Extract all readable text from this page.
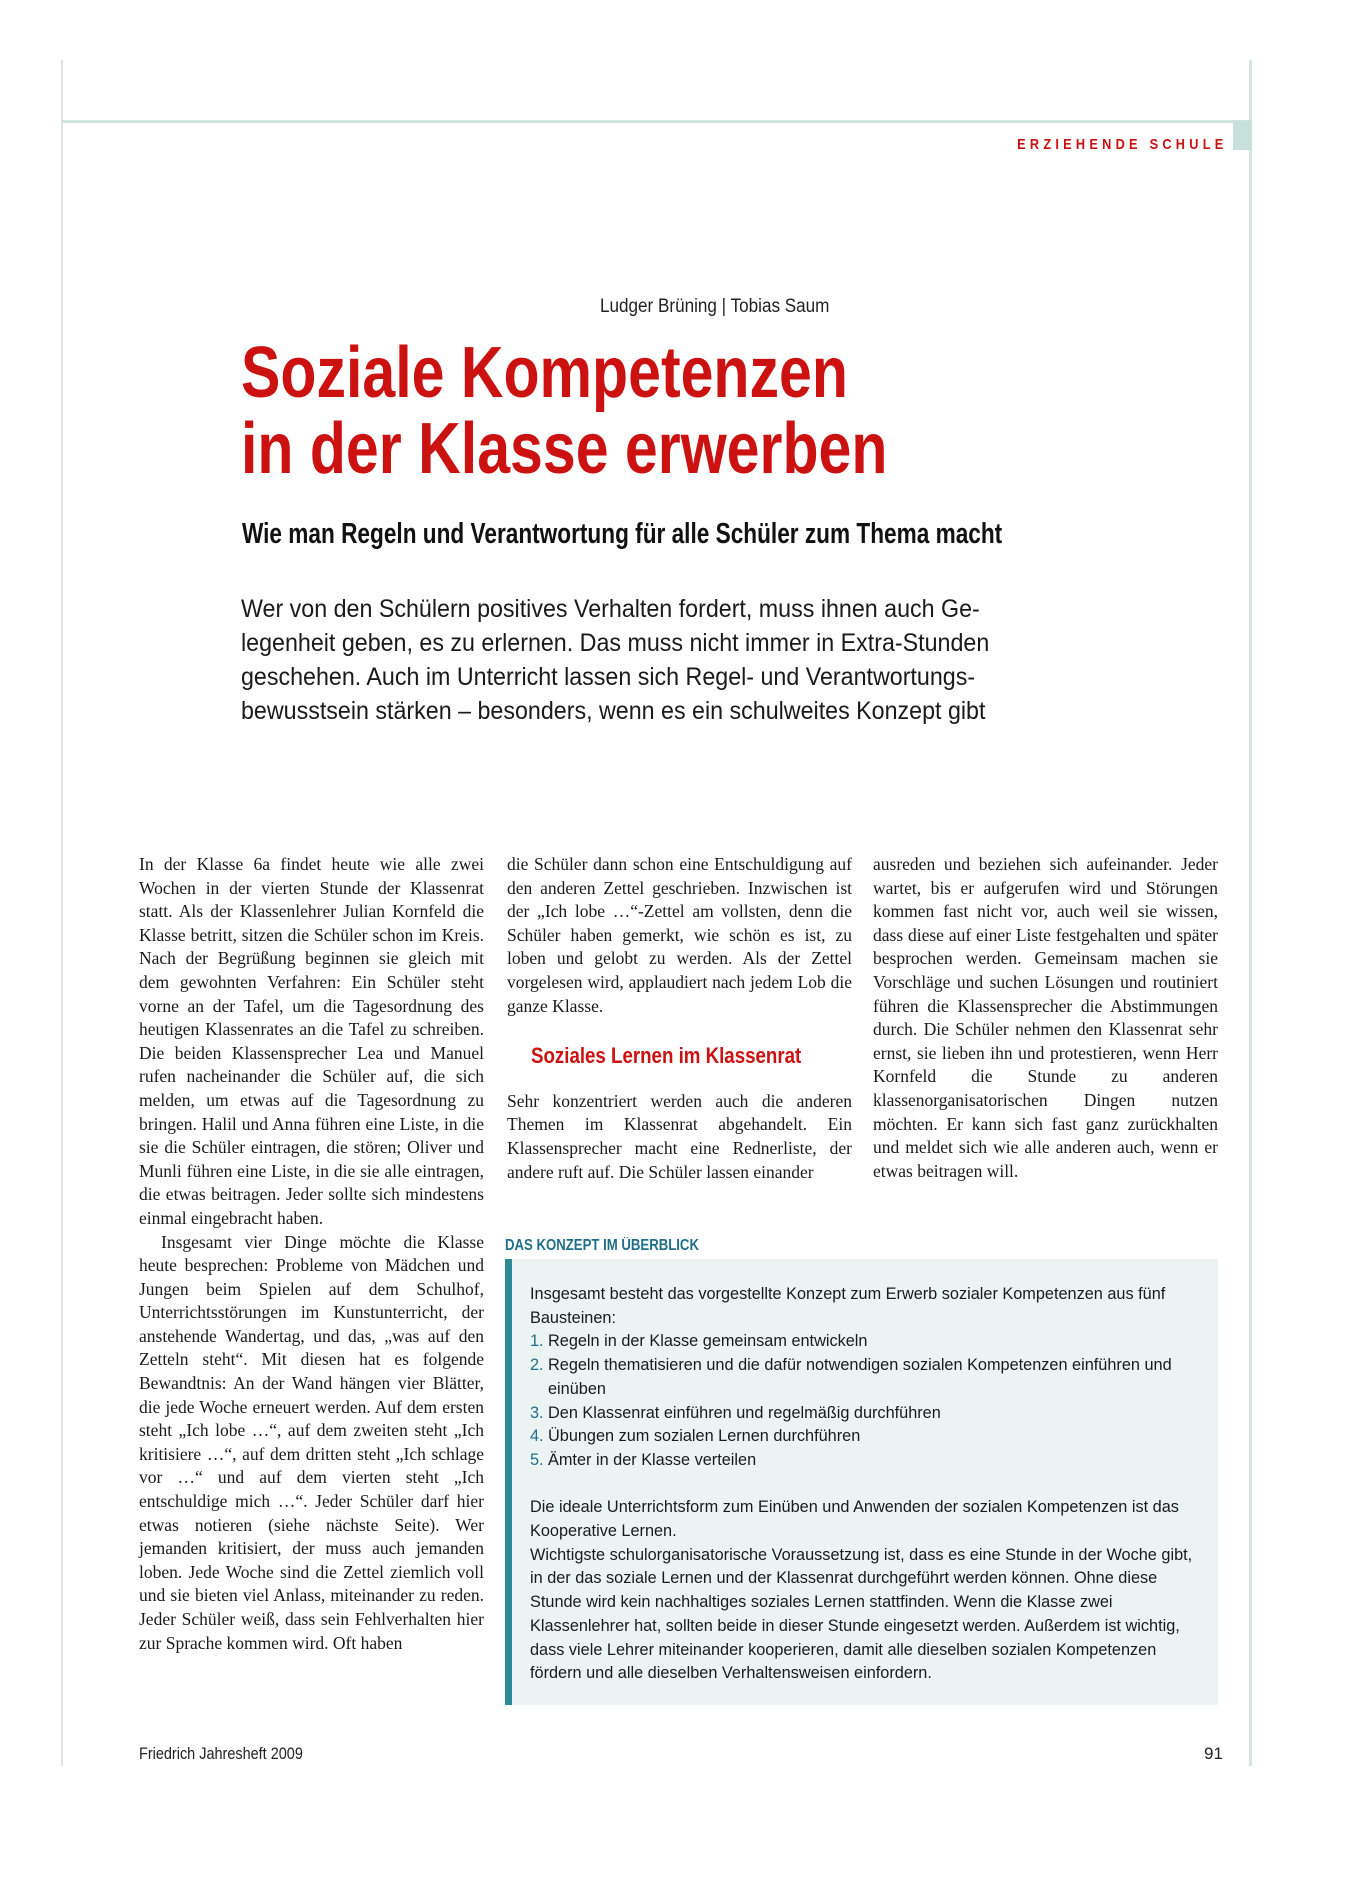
ERZIEHENDE SCHULE
Ludger Brüning | Tobias Saum
Soziale Kompetenzen
in der Klasse erwerben
Wie man Regeln und Verantwortung für alle Schüler zum Thema macht
Wer von den Schülern positives Verhalten fordert, muss ihnen auch Ge-
legenheit geben, es zu erlernen. Das muss nicht immer in Extra-Stunden
geschehen. Auch im Unterricht lassen sich Regel- und Verantwortungs-
bewusstsein stärken – besonders, wenn es ein schulweites Konzept gibt

In der Klasse 6a findet heute wie alle zwei Wochen in der vierten Stunde der Klassenrat statt. Als der Klassenlehrer Julian Kornfeld die Klasse betritt, sitzen die Schüler schon im Kreis. Nach der Begrüßung beginnen sie gleich mit dem gewohnten Verfahren: Ein Schüler steht vorne an der Tafel, um die Tagesordnung des heutigen Klassenrates an die Tafel zu schreiben. Die beiden Klassensprecher Lea und Manuel rufen nacheinander die Schüler auf, die sich melden, um etwas auf die Tagesordnung zu bringen. Halil und Anna führen eine Liste, in die sie die Schüler eintragen, die stören; Oliver und Munli führen eine Liste, in die sie alle eintragen, die etwas beitragen. Jeder sollte sich mindestens einmal eingebracht haben.

Insgesamt vier Dinge möchte die Klasse heute besprechen: Probleme von Mädchen und Jungen beim Spielen auf dem Schulhof, Unterrichtsstörungen im Kunstunterricht, der anstehende Wandertag, und das, „was auf den Zetteln steht“. Mit diesen hat es folgende Bewandtnis: An der Wand hängen vier Blätter, die jede Woche erneuert werden. Auf dem ersten steht „Ich lobe …“, auf dem zweiten steht „Ich kritisiere …“, auf dem dritten steht „Ich schlage vor …“ und auf dem vierten steht „Ich entschuldige mich …“. Jeder Schüler darf hier etwas notieren (siehe nächste Seite). Wer jemanden kritisiert, der muss auch jemanden loben. Jede Woche sind die Zettel ziemlich voll und sie bieten viel Anlass, miteinander zu reden. Jeder Schüler weiß, dass sein Fehlverhalten hier zur Sprache kommen wird. Oft haben

die Schüler dann schon eine Entschuldigung auf den anderen Zettel geschrieben. Inzwischen ist der „Ich lobe …“-Zettel am vollsten, denn die Schüler haben gemerkt, wie schön es ist, zu loben und gelobt zu werden. Als der Zettel vorgelesen wird, applaudiert nach jedem Lob die ganze Klasse.

Soziales Lernen im Klassenrat

Sehr konzentriert werden auch die anderen Themen im Klassenrat abgehandelt. Ein Klassensprecher macht eine Rednerliste, der andere ruft auf. Die Schüler lassen einander

ausreden und beziehen sich aufeinander. Jeder wartet, bis er aufgerufen wird und Störungen kommen fast nicht vor, auch weil sie wissen, dass diese auf einer Liste festgehalten und später besprochen werden. Gemeinsam machen sie Vorschläge und suchen Lösungen und routiniert führen die Klassensprecher die Abstimmungen durch. Die Schüler nehmen den Klassenrat sehr ernst, sie lieben ihn und protestieren, wenn Herr Kornfeld die Stunde zu anderen klassenorganisatorischen Dingen nutzen möchten. Er kann sich fast ganz zurückhalten und meldet sich wie alle anderen auch, wenn er etwas beitragen will.

DAS KONZEPT IM ÜBERBLICK

Insgesamt besteht das vorgestellte Konzept zum Erwerb sozialer Kompetenzen aus fünf Bausteinen:

1. Regeln in der Klasse gemeinsam entwickeln
2. Regeln thematisieren und die dafür notwendigen sozialen Kompetenzen einführen und einüben
3. Den Klassenrat einführen und regelmäßig durchführen
4. Übungen zum sozialen Lernen durchführen
5. Ämter in der Klasse verteilen

Die ideale Unterrichtsform zum Einüben und Anwenden der sozialen Kompetenzen ist das Kooperative Lernen.

Wichtigste schulorganisatorische Voraussetzung ist, dass es eine Stunde in der Woche gibt, in der das soziale Lernen und der Klassenrat durchgeführt werden können. Ohne diese Stunde wird kein nachhaltiges soziales Lernen stattfinden. Wenn die Klasse zwei Klassenlehrer hat, sollten beide in dieser Stunde eingesetzt werden. Außerdem ist wichtig, dass viele Lehrer miteinander kooperieren, damit alle dieselben sozialen Kompetenzen fördern und alle dieselben Verhaltensweisen einfordern.

Friedrich Jahresheft 2009	91
